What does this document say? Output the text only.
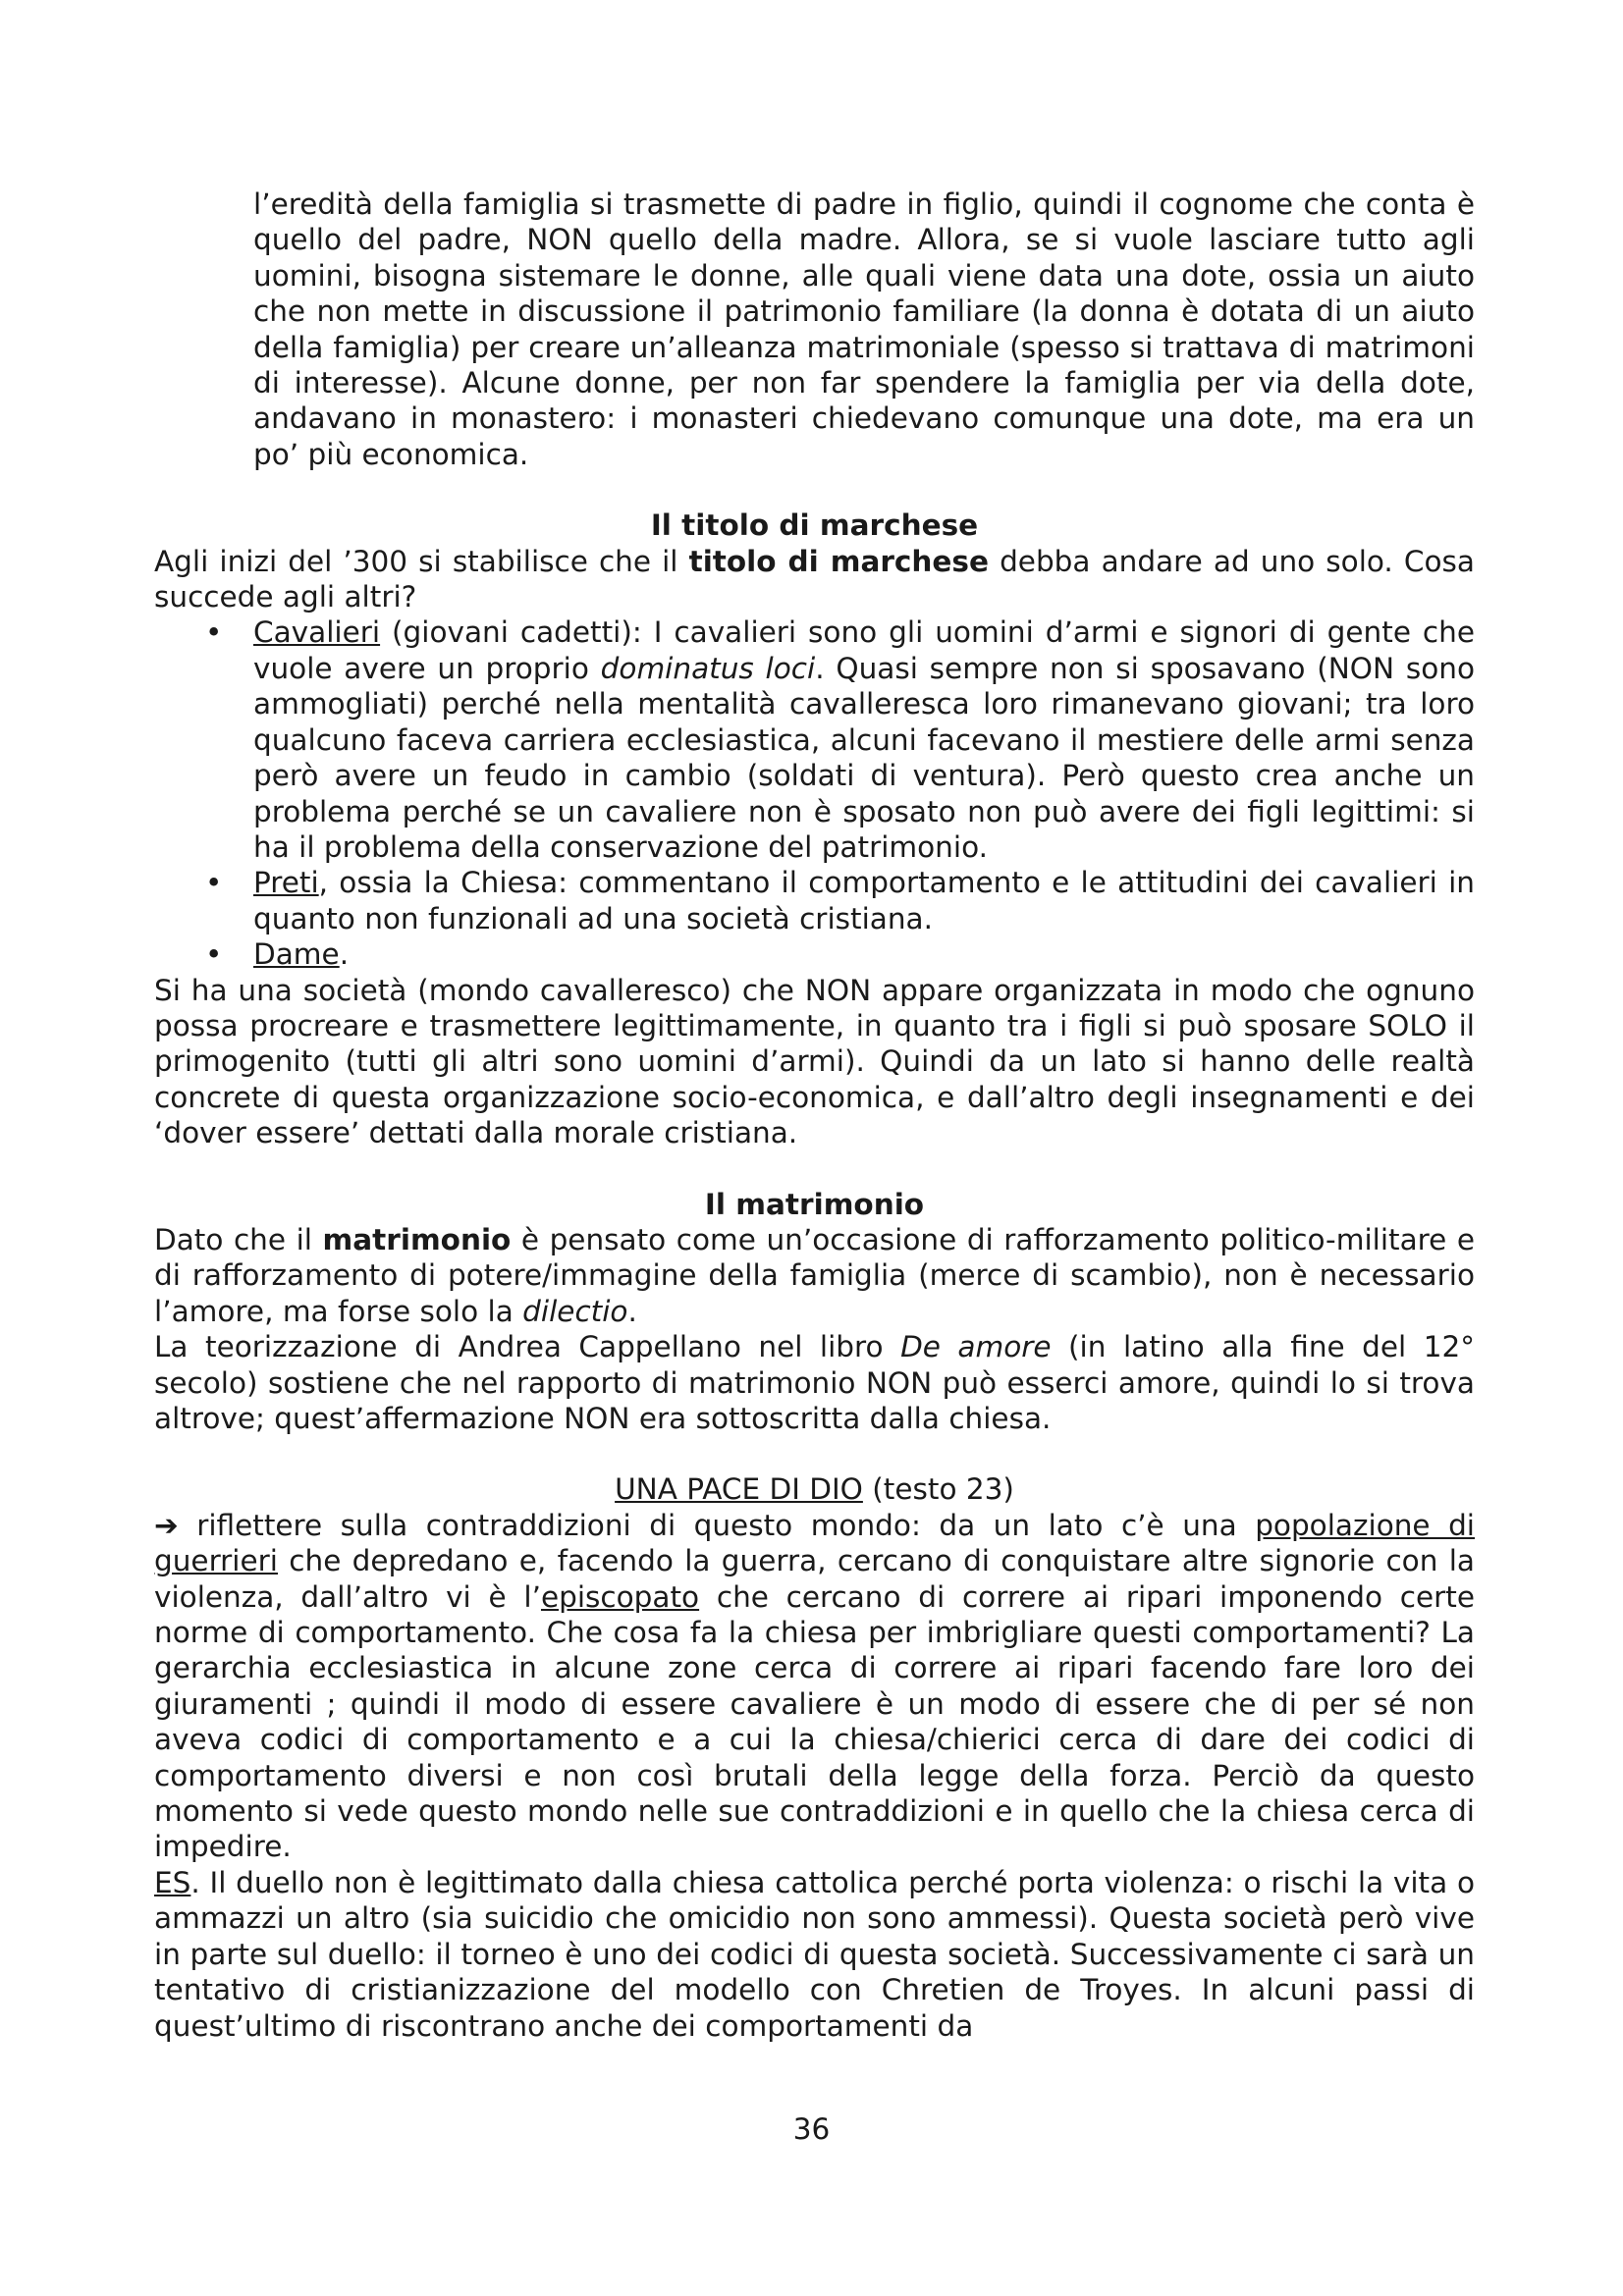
l’eredità della famiglia si trasmette di padre in figlio, quindi il cognome che conta è quello del padre, NON quello della madre. Allora, se si vuole lasciare tutto agli uomini, bisogna sistemare le donne, alle quali viene data una dote, ossia un aiuto che non mette in discussione il patrimonio familiare (la donna è dotata di un aiuto della famiglia) per creare un’alleanza matrimoniale (spesso si trattava di matrimoni di interesse). Alcune donne, per non far spendere la famiglia per via della dote, andavano in monastero: i monasteri chiedevano comunque una dote, ma era un po’ più economica.

Il titolo di marchese

Agli inizi del ’300 si stabilisce che il titolo di marchese debba andare ad uno solo. Cosa succede agli altri?

• Cavalieri (giovani cadetti): I cavalieri sono gli uomini d’armi e signori di gente che vuole avere un proprio dominatus loci. Quasi sempre non si sposavano (NON sono ammogliati) perché nella mentalità cavalleresca loro rimanevano giovani; tra loro qualcuno faceva carriera ecclesiastica, alcuni facevano il mestiere delle armi senza però avere un feudo in cambio (soldati di ventura). Però questo crea anche un problema perché se un cavaliere non è sposato non può avere dei figli legittimi: si ha il problema della conservazione del patrimonio.
• Preti, ossia la Chiesa: commentano il comportamento e le attitudini dei cavalieri in quanto non funzionali ad una società cristiana.
• Dame.

Si ha una società (mondo cavalleresco) che NON appare organizzata in modo che ognuno possa procreare e trasmettere legittimamente, in quanto tra i figli si può sposare SOLO il primogenito (tutti gli altri sono uomini d’armi). Quindi da un lato si hanno delle realtà concrete di questa organizzazione socio-economica, e dall’altro degli insegnamenti e dei ‘dover essere’ dettati dalla morale cristiana.

Il matrimonio

Dato che il matrimonio è pensato come un’occasione di rafforzamento politico-militare e di rafforzamento di potere/immagine della famiglia (merce di scambio), non è necessario l’amore, ma forse solo la dilectio.

La teorizzazione di Andrea Cappellano nel libro De amore (in latino alla fine del 12° secolo) sostiene che nel rapporto di matrimonio NON può esserci amore, quindi lo si trova altrove; quest’affermazione NON era sottoscritta dalla chiesa.

UNA PACE DI DIO (testo 23)

➔ riflettere sulla contraddizioni di questo mondo: da un lato c’è una popolazione di guerrieri che depredano e, facendo la guerra, cercano di conquistare altre signorie con la violenza, dall’altro vi è l’episcopato che cercano di correre ai ripari imponendo certe norme di comportamento. Che cosa fa la chiesa per imbrigliare questi comportamenti? La gerarchia ecclesiastica in alcune zone cerca di correre ai ripari facendo fare loro dei giuramenti ; quindi il modo di essere cavaliere è un modo di essere che di per sé non aveva codici di comportamento e a cui la chiesa/chierici cerca di dare dei codici di comportamento diversi e non così brutali della legge della forza. Perciò da questo momento si vede questo mondo nelle sue contraddizioni e in quello che la chiesa cerca di impedire.

ES. Il duello non è legittimato dalla chiesa cattolica perché porta violenza: o rischi la vita o ammazzi un altro (sia suicidio che omicidio non sono ammessi). Questa società però vive in parte sul duello: il torneo è uno dei codici di questa società. Successivamente ci sarà un tentativo di cristianizzazione del modello con Chretien de Troyes. In alcuni passi di quest’ultimo di riscontrano anche dei comportamenti da

36
